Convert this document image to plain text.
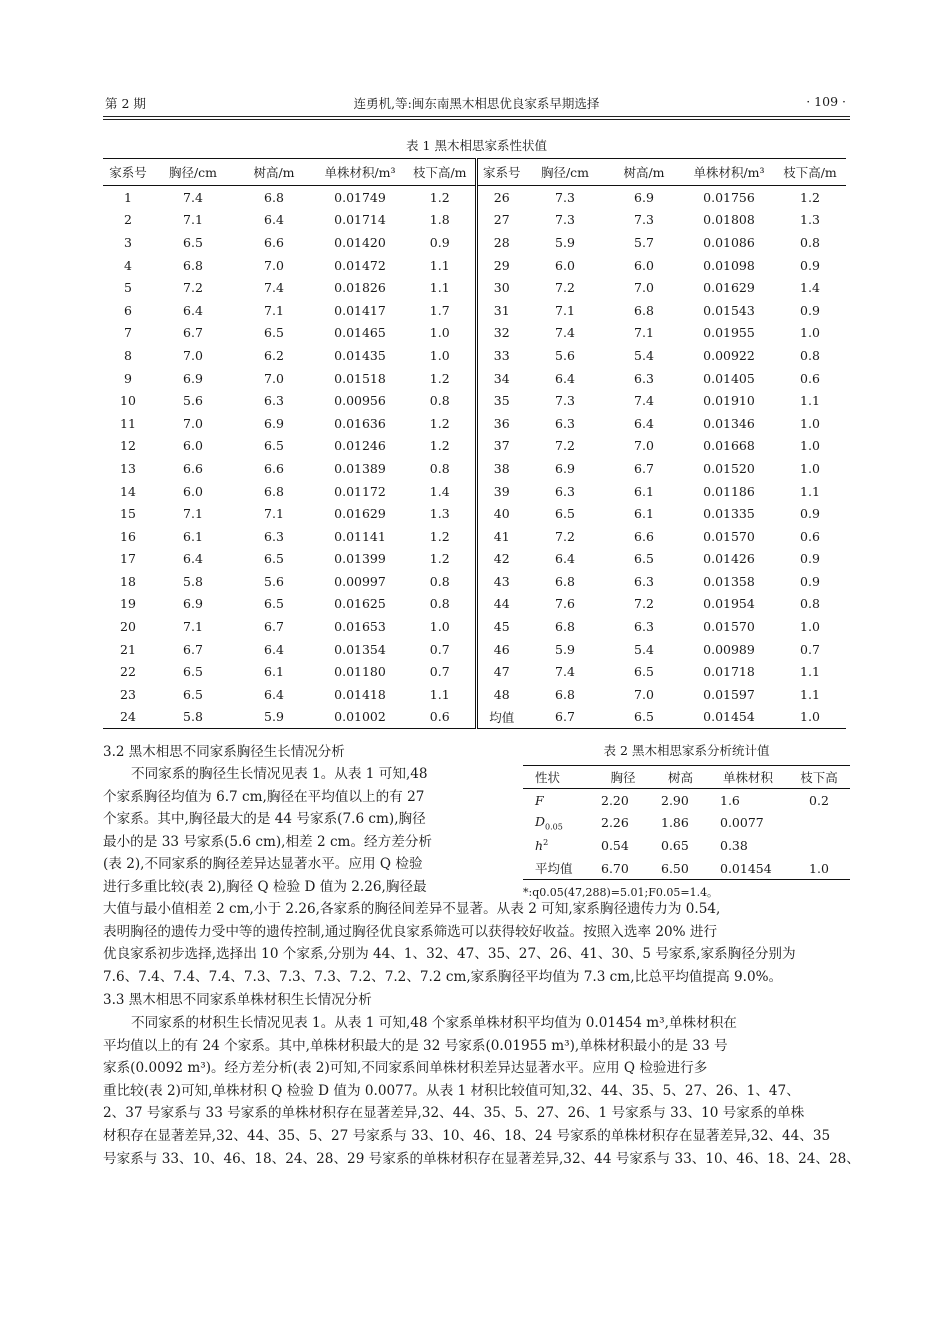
第 2 期	连勇机,等:闽东南黑木相思优良家系早期选择	· 109 ·
表 1 黑木相思家系性状值
家系号	胸径/cm	树高/m	单株材积/m³	枝下高/m	家系号	胸径/cm	树高/m	单株材积/m³	枝下高/m
1	7.4	6.8	0.01749	1.2	26	7.3	6.9	0.01756	1.2
2	7.1	6.4	0.01714	1.8	27	7.3	7.3	0.01808	1.3
3	6.5	6.6	0.01420	0.9	28	5.9	5.7	0.01086	0.8
4	6.8	7.0	0.01472	1.1	29	6.0	6.0	0.01098	0.9
5	7.2	7.4	0.01826	1.1	30	7.2	7.0	0.01629	1.4
6	6.4	7.1	0.01417	1.7	31	7.1	6.8	0.01543	0.9
7	6.7	6.5	0.01465	1.0	32	7.4	7.1	0.01955	1.0
8	7.0	6.2	0.01435	1.0	33	5.6	5.4	0.00922	0.8
9	6.9	7.0	0.01518	1.2	34	6.4	6.3	0.01405	0.6
10	5.6	6.3	0.00956	0.8	35	7.3	7.4	0.01910	1.1
11	7.0	6.9	0.01636	1.2	36	6.3	6.4	0.01346	1.0
12	6.0	6.5	0.01246	1.2	37	7.2	7.0	0.01668	1.0
13	6.6	6.6	0.01389	0.8	38	6.9	6.7	0.01520	1.0
14	6.0	6.8	0.01172	1.4	39	6.3	6.1	0.01186	1.1
15	7.1	7.1	0.01629	1.3	40	6.5	6.1	0.01335	0.9
16	6.1	6.3	0.01141	1.2	41	7.2	6.6	0.01570	0.6
17	6.4	6.5	0.01399	1.2	42	6.4	6.5	0.01426	0.9
18	5.8	5.6	0.00997	0.8	43	6.8	6.3	0.01358	0.9
19	6.9	6.5	0.01625	0.8	44	7.6	7.2	0.01954	0.8
20	7.1	6.7	0.01653	1.0	45	6.8	6.3	0.01570	1.0
21	6.7	6.4	0.01354	0.7	46	5.9	5.4	0.00989	0.7
22	6.5	6.1	0.01180	0.7	47	7.4	6.5	0.01718	1.1
23	6.5	6.4	0.01418	1.1	48	6.8	7.0	0.01597	1.1
24	5.8	5.9	0.01002	0.6	均值	6.7	6.5	0.01454	1.0
3.2 黑木相思不同家系胸径生长情况分析
不同家系的胸径生长情况见表 1。从表 1 可知,48
个家系胸径均值为 6.7 cm,胸径在平均值以上的有 27
个家系。其中,胸径最大的是 44 号家系(7.6 cm),胸径
最小的是 33 号家系(5.6 cm),相差 2 cm。经方差分析
(表 2),不同家系的胸径差异达显著水平。应用 Q 检验
进行多重比较(表 2),胸径 Q 检验 D 值为 2.26,胸径最
表 2 黑木相思家系分析统计值
性状	胸径	树高	单株材积	枝下高
F	2.20	2.90	1.6	0.2
$D_{0.05}$	2.26	1.86	0.0077	
$h^2$	0.54	0.65	0.38	
平均值	6.70	6.50	0.01454	1.0
*:q0.05(47,288)=5.01;F0.05=1.4。
大值与最小值相差 2 cm,小于 2.26,各家系的胸径间差异不显著。从表 2 可知,家系胸径遗传力为 0.54,
表明胸径的遗传力受中等的遗传控制,通过胸径优良家系筛选可以获得较好收益。按照入选率 20% 进行
优良家系初步选择,选择出 10 个家系,分别为 44、1、32、47、35、27、26、41、30、5 号家系,家系胸径分别为
7.6、7.4、7.4、7.4、7.3、7.3、7.3、7.2、7.2、7.2 cm,家系胸径平均值为 7.3 cm,比总平均值提高 9.0%。
3.3 黑木相思不同家系单株材积生长情况分析
不同家系的材积生长情况见表 1。从表 1 可知,48 个家系单株材积平均值为 0.01454 m³,单株材积在
平均值以上的有 24 个家系。其中,单株材积最大的是 32 号家系(0.01955 m³),单株材积最小的是 33 号
家系(0.0092 m³)。经方差分析(表 2)可知,不同家系间单株材积差异达显著水平。应用 Q 检验进行多
重比较(表 2)可知,单株材积 Q 检验 D 值为 0.0077。从表 1 材积比较值可知,32、44、35、5、27、26、1、47、
2、37 号家系与 33 号家系的单株材积存在显著差异,32、44、35、5、27、26、1 号家系与 33、10 号家系的单株
材积存在显著差异,32、44、35、5、27 号家系与 33、10、46、18、24 号家系的单株材积存在显著差异,32、44、35
号家系与 33、10、46、18、24、28、29 号家系的单株材积存在显著差异,32、44 号家系与 33、10、46、18、24、28、
